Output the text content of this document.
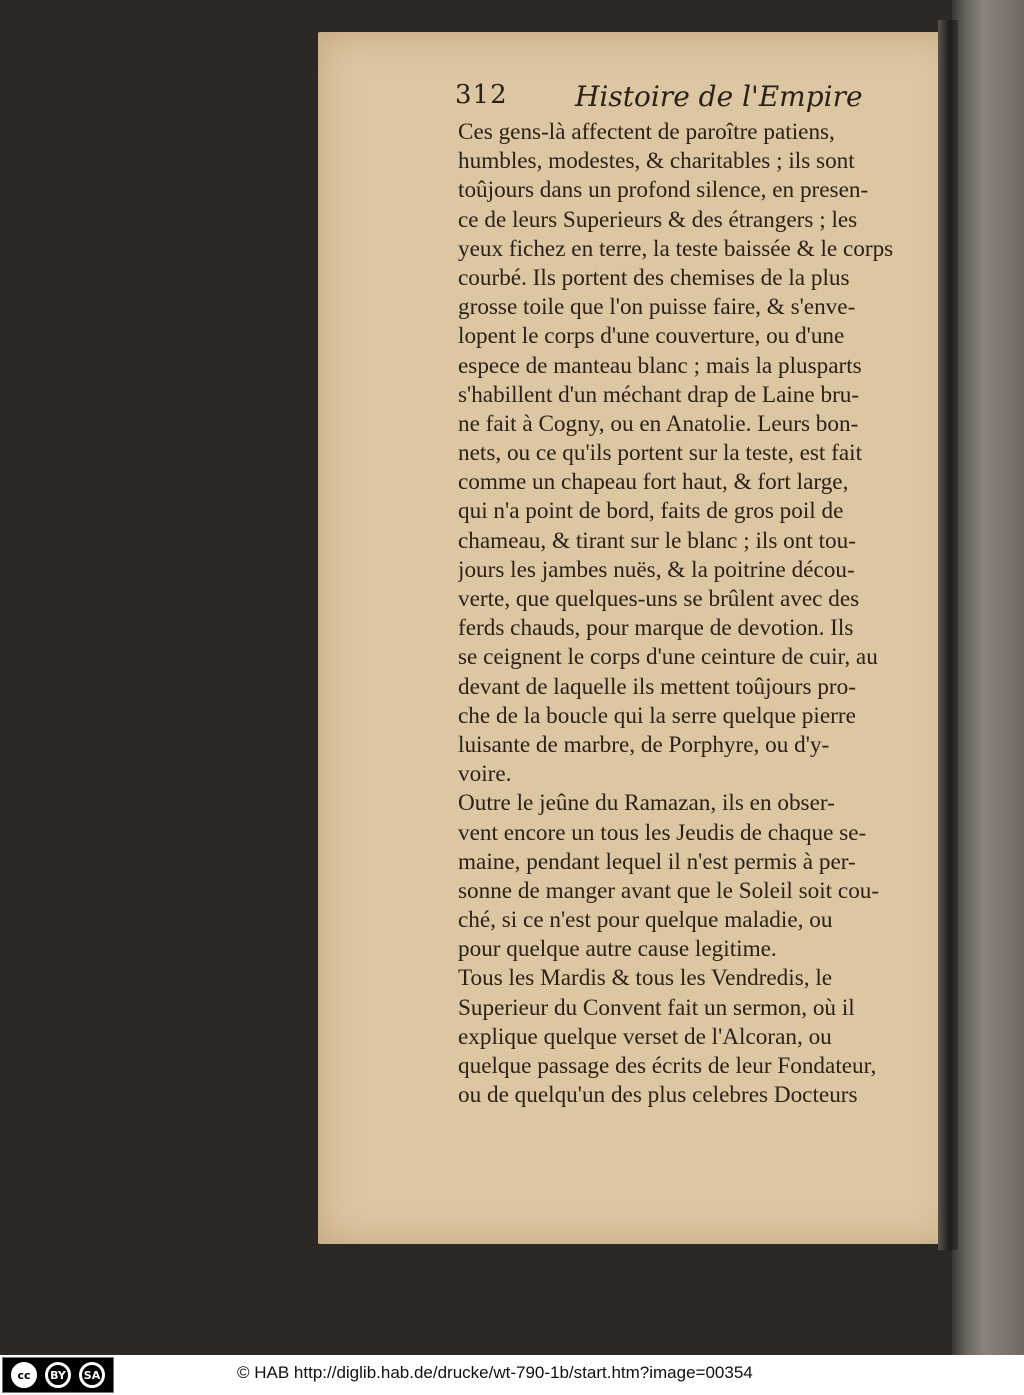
312 Histoire de l'Empire
Ces gens-là affectent de paroître patiens,
humbles, modestes, & charitables ; ils sont
toûjours dans un profond silence, en presen-
ce de leurs Superieurs & des étrangers ; les
yeux fichez en terre, la teste baissée & le corps
courbé. Ils portent des chemises de la plus
grosse toile que l'on puisse faire, & s'enve-
lopent le corps d'une couverture, ou d'une
espece de manteau blanc ; mais la plusparts
s'habillent d'un méchant drap de Laine bru-
ne fait à Cogny, ou en Anatolie. Leurs bon-
nets, ou ce qu'ils portent sur la teste, est fait
comme un chapeau fort haut, & fort large,
qui n'a point de bord, faits de gros poil de
chameau, & tirant sur le blanc ; ils ont tou-
jours les jambes nuës, & la poitrine décou-
verte, que quelques-uns se brûlent avec des
ferds chauds, pour marque de devotion. Ils
se ceignent le corps d'une ceinture de cuir, au
devant de laquelle ils mettent toûjours pro-
che de la boucle qui la serre quelque pierre
luisante de marbre, de Porphyre, ou d'y-
voire.
Outre le jeûne du Ramazan, ils en obser-
vent encore un tous les Jeudis de chaque se-
maine, pendant lequel il n'est permis à per-
sonne de manger avant que le Soleil soit cou-
ché, si ce n'est pour quelque maladie, ou
pour quelque autre cause legitime.
Tous les Mardis & tous les Vendredis, le
Superieur du Convent fait un sermon, où il
explique quelque verset de l'Alcoran, ou
quelque passage des écrits de leur Fondateur,
ou de quelqu'un des plus celebres Docteurs
cc	BY	SA	© HAB http://diglib.hab.de/drucke/wt-790-1b/start.htm?image=00354
